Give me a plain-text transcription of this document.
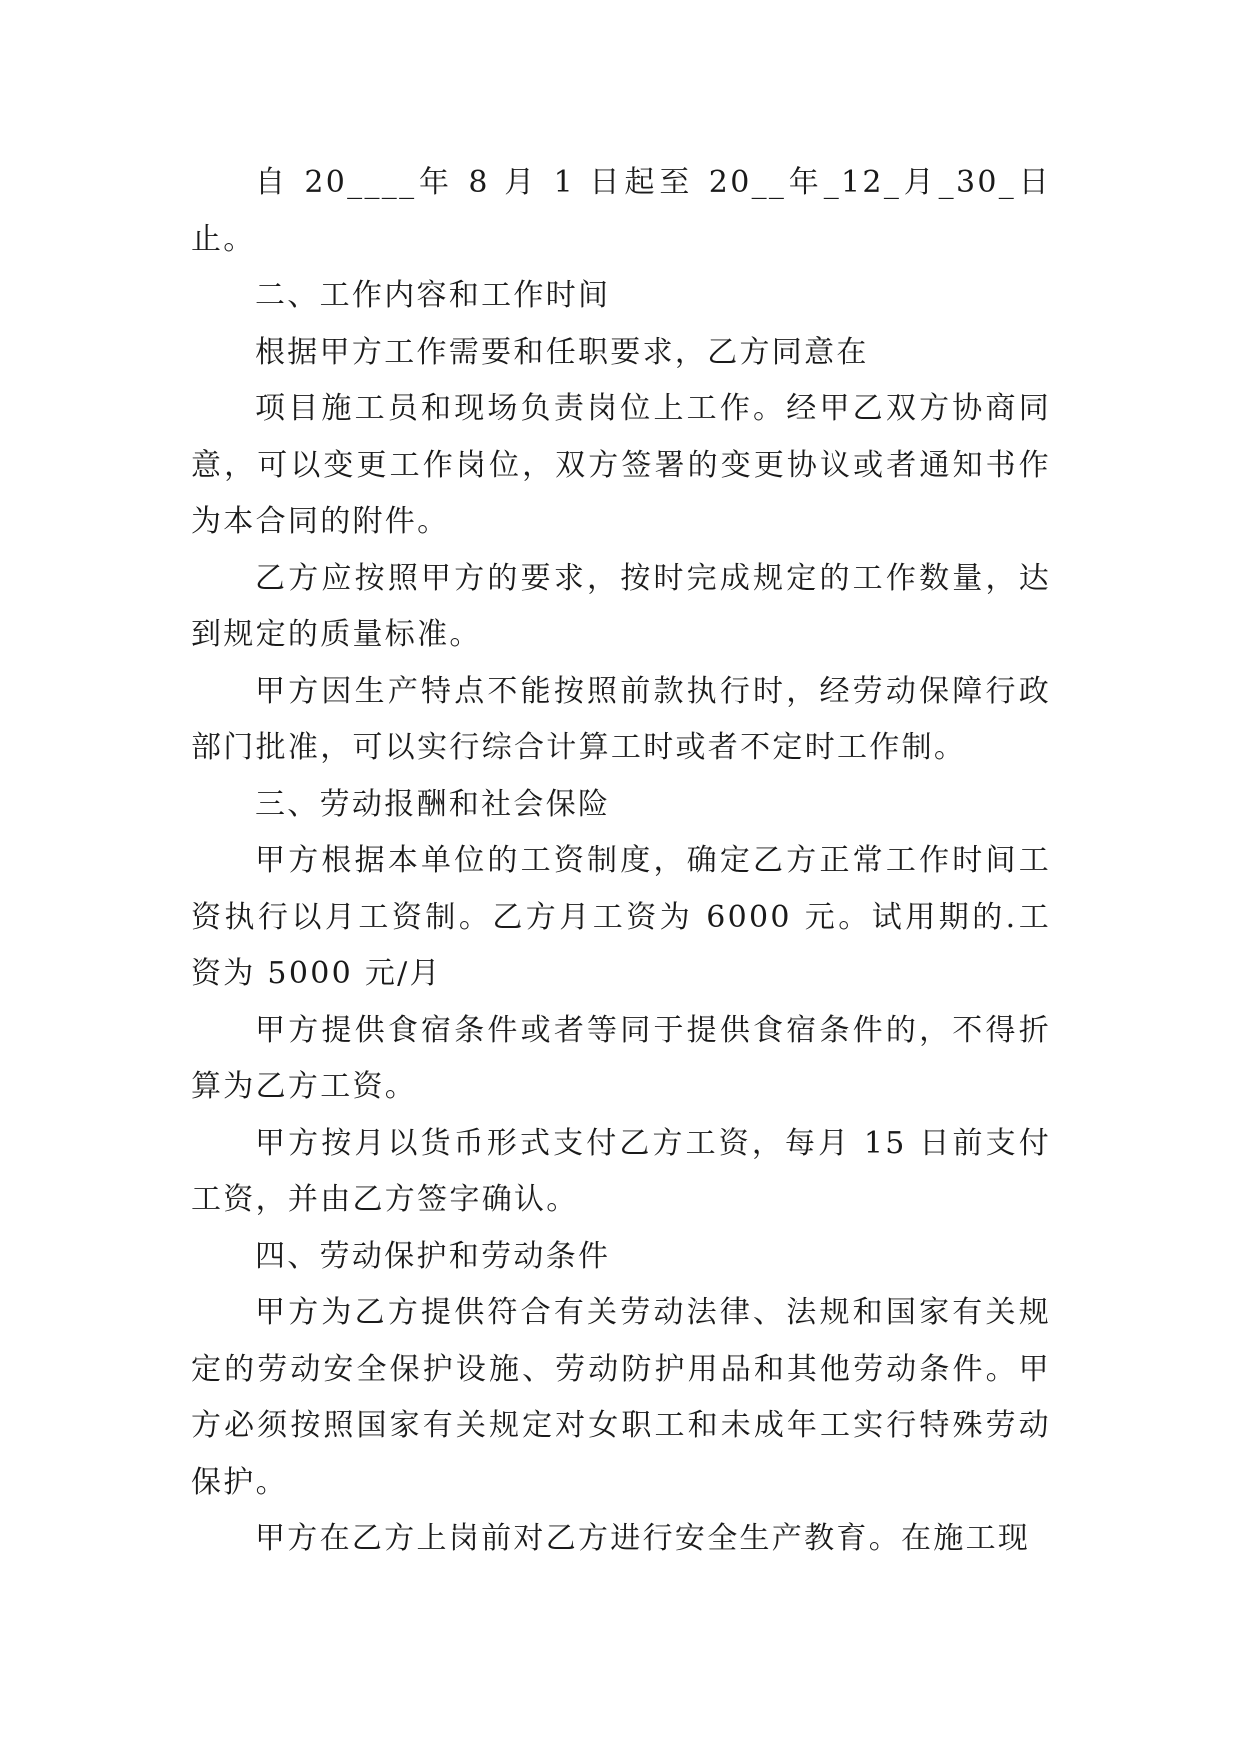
自 20____年 8 月 1 日起至 20__年_12_月_30_日止。

二、工作内容和工作时间

根据甲方工作需要和任职要求，乙方同意在

项目施工员和现场负责岗位上工作。经甲乙双方协商同意，可以变更工作岗位，双方签署的变更协议或者通知书作为本合同的附件。

乙方应按照甲方的要求，按时完成规定的工作数量，达到规定的质量标准。

甲方因生产特点不能按照前款执行时，经劳动保障行政部门批准，可以实行综合计算工时或者不定时工作制。

三、劳动报酬和社会保险

甲方根据本单位的工资制度，确定乙方正常工作时间工资执行以月工资制。乙方月工资为 6000 元。试用期的.工资为 5000 元/月

甲方提供食宿条件或者等同于提供食宿条件的，不得折算为乙方工资。

甲方按月以货币形式支付乙方工资，每月 15 日前支付工资，并由乙方签字确认。

四、劳动保护和劳动条件

甲方为乙方提供符合有关劳动法律、法规和国家有关规定的劳动安全保护设施、劳动防护用品和其他劳动条件。甲方必须按照国家有关规定对女职工和未成年工实行特殊劳动保护。

甲方在乙方上岗前对乙方进行安全生产教育。在施工现
